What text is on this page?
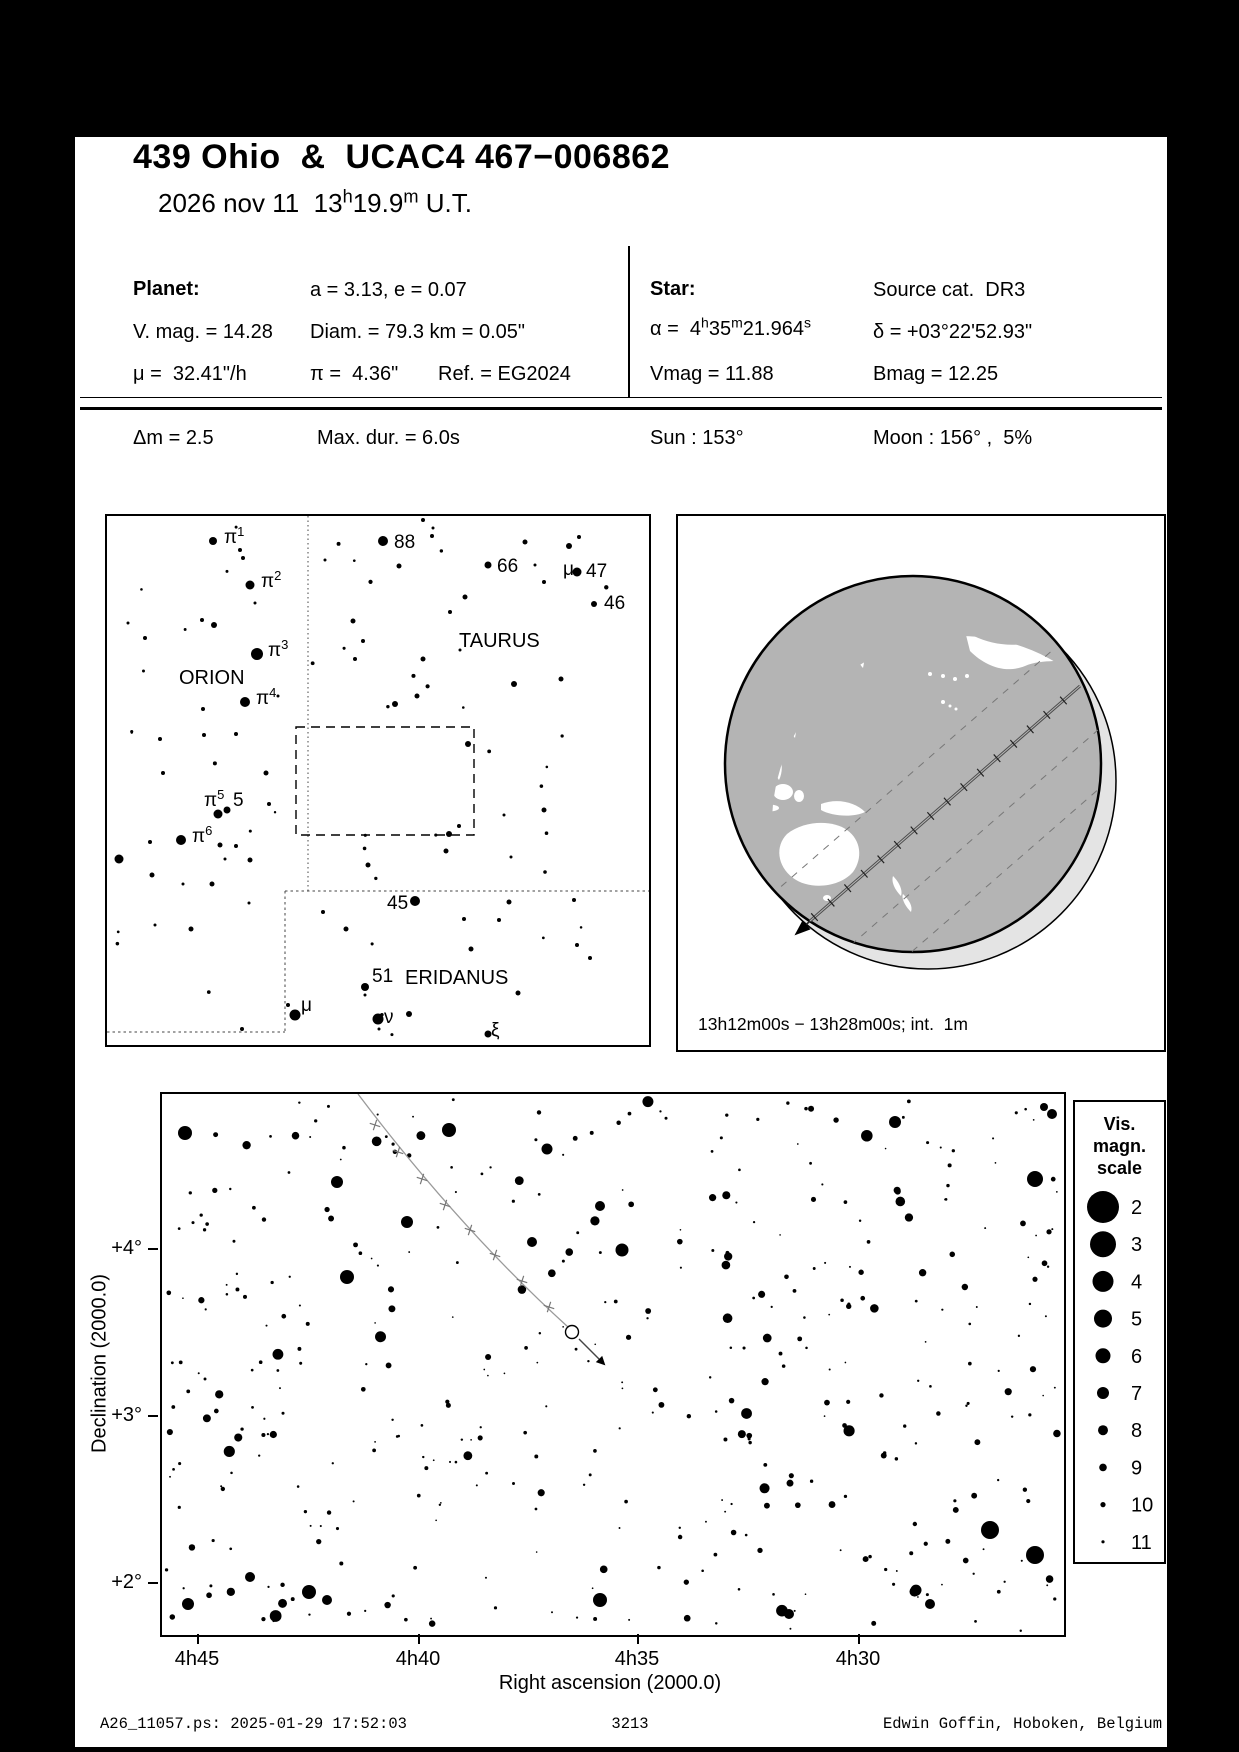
439 Ohio  &  UCAC4 467−006862
2026 nov 11  13$^h$19.9$^m$ U.T.
Planet:	a = 3.13, e = 0.07
V. mag. = 14.28 Diam. = 79.3 km = 0.05"
μ =  32.41"/h	π =  4.36" Ref. = EG2024
Star:	Source cat.  DR3
α =  4$^h$35$^m$21.964$^s$	δ = +03°22'52.93"
Vmag = 11.88	Bmag = 12.25
Δm = 2.5	Max. dur. = 6.0s	Sun : 153°	Moon : 156° ,  5%
ORION
TAURUS
ERIDANUS
$\pi^1$
$\pi^2$
$\pi^3$
$\pi^4$
$\pi^5$ 5
$\pi^6$
88
66 μ 47
46
45
51
μ
ν
ξ	13h12m00s − 13h28m00s; int.  1m
4h45	4h40	4h35	4h30
+4°
+3°
+2°
Right ascension (2000.0)
Declination (2000.0)
Vis.
magn.
scale
2
3
4
5
6
7
8
9
10
11
A26_11057.ps: 2025-01-29 17:52:03	3213	Edwin Goffin, Hoboken, Belgium
